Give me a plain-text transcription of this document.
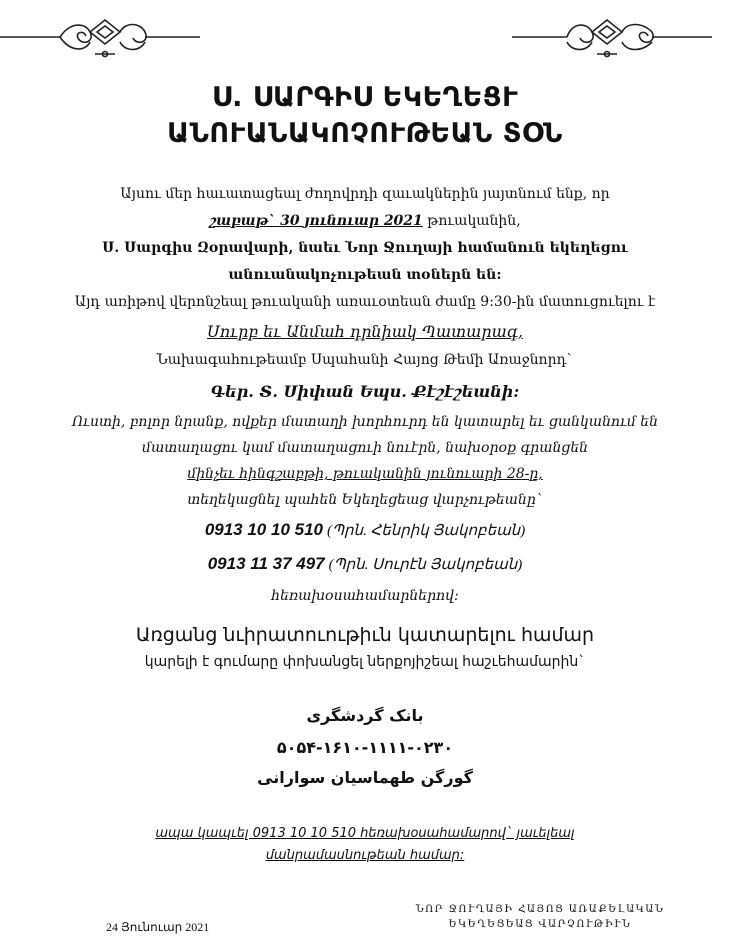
Ս. ՍԱՐԳԻՍ ԵԿԵՂԵՑՒ
ԱՆՈՒԱՆԱԿՈՉՈՒԹԵԱՆ ՏՕՆ
Այսու մեր հաւատացեալ ժողովրդի զաւակներին յայտնում ենք, որ
շաբաթ` 30 յունուար 2021 թուականին,
Ս. Սարգիս Զօրավարի, նաեւ Նոր Ջուղայի համանուն եկեղեցու
անուանակոչութեան տօներն են:
Այդ առիթով վերոնշեալ թուականի առաւօտեան ժամը 9:30-ին մատուցուելու է
Սուրբ եւ Անմահ դրնիակ Պատարագ,
Նախագահութեամբ Սպահանի Հայոց Թեմի Առաջնորդ`
Գեր. Տ. Սիփան Եպս. Քէշէշեանի:
Ուստի, բոլոր նրանք, ովքեր մատաղի խորհուրդ են կատարել եւ ցանկանում են
մատաղացու կամ մատաղացուի նուէրն, նախօրօք գրանցեն
մինչեւ հինգշաբթի, թուականին յունուարի 28-ը,
տեղեկացնել պահեն Եկեղեցեաց վարչութեանը`
0913 10 10 510 (Պրն. Հենրիկ Յակոբեան)
0913 11 37 497 (Պրն. Սուրէն Յակոբեան)
հեռախօսահամարներով:
Առցանց նւիրատուութիւն կատարելու համար
կարելի է գումարը փոխանցել ներքոյիշեալ հաշւեհամարին`
بانک گردشگری
۵۰۵۴-۱۶۱۰-۱۱۱۱-۰۲۳۰
گورگن طهماسیان سوارانی
ապա կապւել 0913 10 10 510 հեռախօսահամարով` յաւելեալ
մանրամասնութեան համար:
24 Յունուար 2021
ՆՈՐ ՋՈՒՂԱՅԻ ՀԱՅՈՑ ԱՌԱՔԵԼԱԿԱՆ
ԵԿԵՂԵՑԵԱՑ ՎԱՐՉՈՒԹԻՒՆ
